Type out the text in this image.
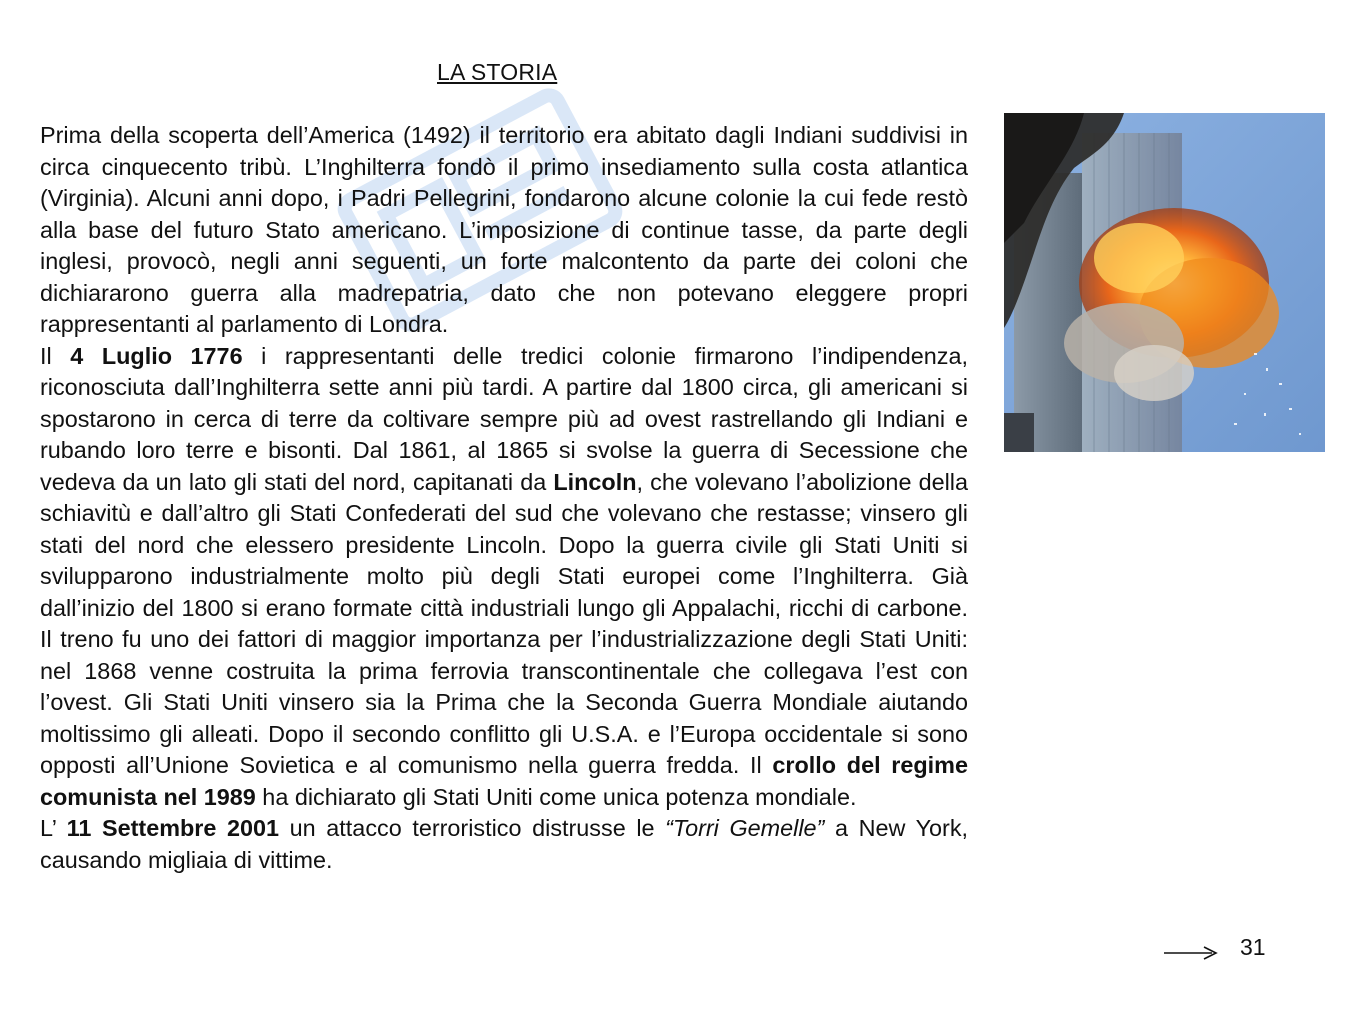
LA STORIA

Prima della scoperta dell’America (1492) il territorio era abitato dagli Indiani suddivisi in circa cinquecento tribù. L’Inghilterra fondò il primo insediamento sulla costa atlantica (Virginia). Alcuni anni dopo, i Padri Pellegrini, fondarono alcune colonie la cui fede restò alla base del futuro Stato americano. L’imposizione di continue tasse, da parte degli inglesi, provocò, negli anni seguenti, un forte malcontento da parte dei coloni che dichiararono guerra alla madrepatria, dato che non potevano eleggere propri rappresentanti al parlamento di Londra.

Il 4 Luglio 1776 i rappresentanti delle tredici colonie firmarono l’indipendenza, riconosciuta dall’Inghilterra sette anni più tardi. A partire dal 1800 circa, gli americani si spostarono in cerca di terre da coltivare sempre più ad ovest rastrellando gli Indiani e rubando loro terre e bisonti. Dal 1861, al 1865 si svolse la guerra di Secessione che vedeva da un lato gli stati del nord, capitanati da Lincoln, che volevano l’abolizione della schiavitù e dall’altro gli Stati Confederati del sud che volevano che restasse; vinsero gli stati del nord che elessero presidente Lincoln. Dopo la guerra civile gli Stati Uniti si svilupparono industrialmente molto più degli Stati europei come l’Inghilterra. Già dall’inizio del 1800 si erano formate città industriali lungo gli Appalachi, ricchi di carbone. Il treno fu uno dei fattori di maggior importanza per l’industrializzazione degli Stati Uniti: nel 1868 venne costruita la prima ferrovia transcontinentale che collegava l’est con l’ovest. Gli Stati Uniti vinsero sia la Prima che la Seconda Guerra Mondiale aiutando moltissimo gli alleati. Dopo il secondo conflitto gli U.S.A. e l’Europa occidentale si sono opposti all’Unione Sovietica e al comunismo nella guerra fredda. Il crollo del regime comunista nel 1989 ha dichiarato gli Stati Uniti come unica potenza mondiale.

L’ 11 Settembre 2001 un attacco terroristico distrusse le “Torri Gemelle” a New York, causando migliaia di vittime.

31
